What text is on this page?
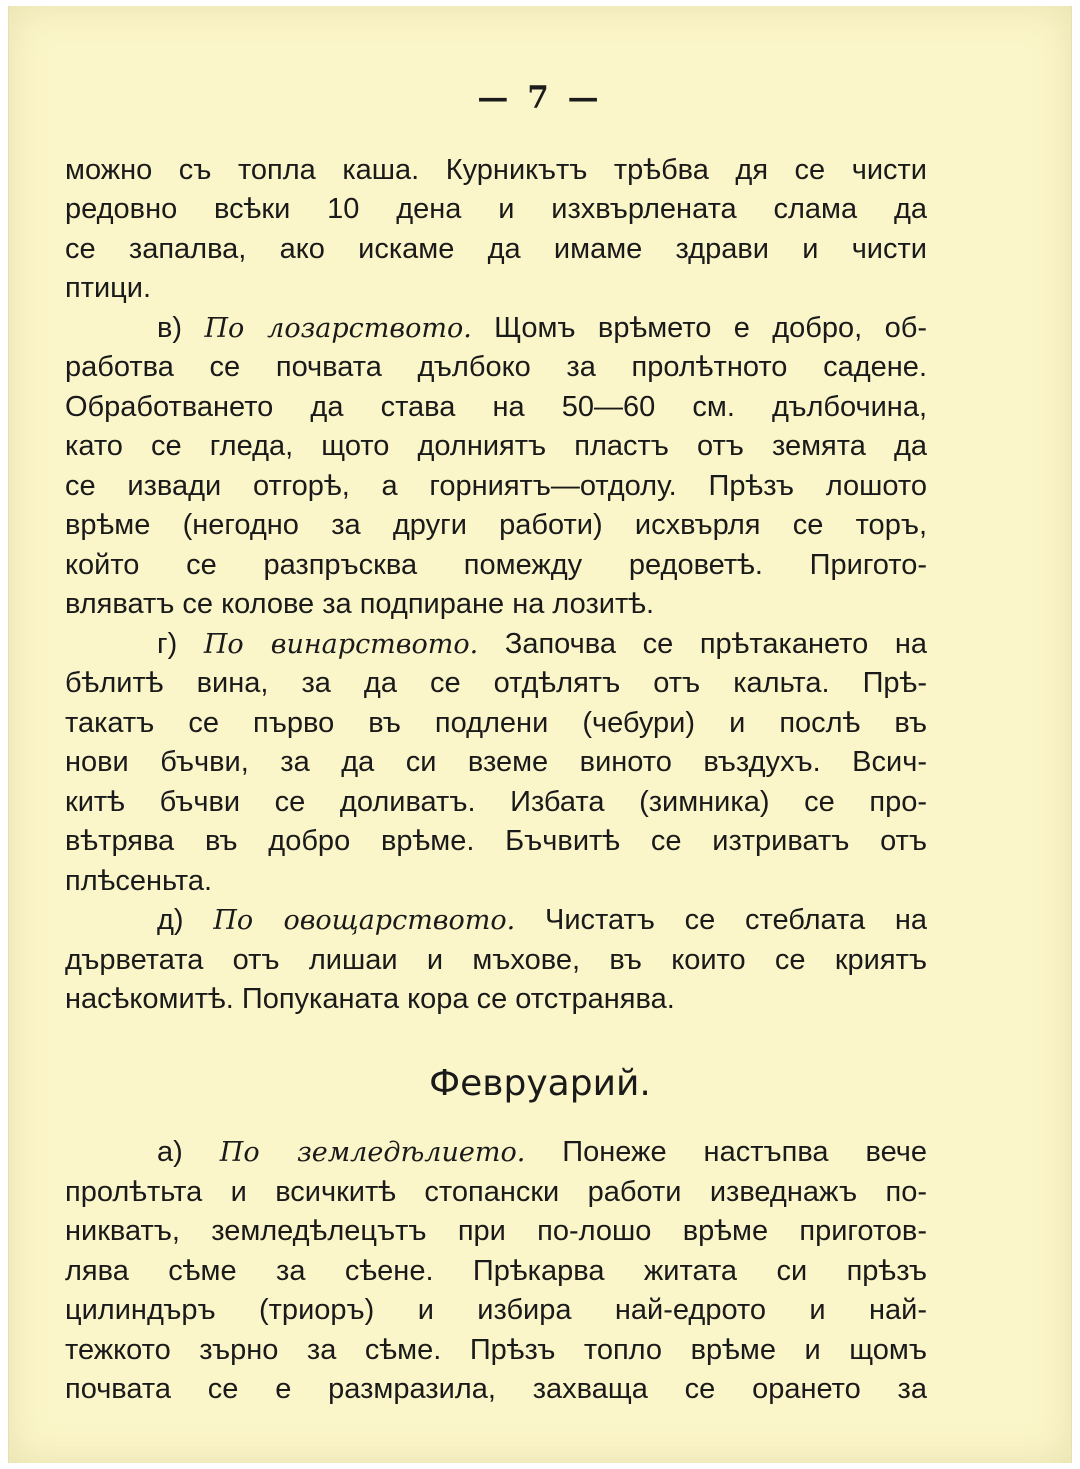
— 7 —
можно съ топла каша. Курникътъ трѣбва дя се чисти
редовно всѣки 10 дена и изхвърлената слама да
се запалва, ако искаме да имаме здрави и чисти
птици.
в) По лозарството. Щомъ врѣмето е добро, об-
работва се почвата дълбоко за пролѣтното садене.
Обработването да става на 50—60 см. дълбочина,
като се гледа, щото долниятъ пластъ отъ земята да
се извади отгорѣ, а горниятъ—отдолу. Прѣзъ лошото
врѣме (негодно за други работи) исхвърля се торъ,
който се разпръсква помежду редоветѣ. Пригото-
вляватъ се колове за подпиране на лозитѣ.
г) По винарството. Започва се прѣтакането на
бѣлитѣ вина, за да се отдѣлятъ отъ кальта. Прѣ-
такатъ се първо въ подлени (чебури) и послѣ въ
нови бъчви, за да си вземе виното въздухъ. Всич-
китѣ бъчви се доливатъ. Избата (зимника) се про-
вѣтрява въ добро врѣме. Бъчвитѣ се изтриватъ отъ
плѣсеньта.
д) По овощарството. Чистатъ се стеблата на
дърветата отъ лишаи и мъхове, въ които се криятъ
насѣкомитѣ. Попуканата кора се отстранява.
Февруарий.
а) По земледѣлието. Понеже настъпва вече
пролѣтьта и всичкитѣ стопански работи изведнажъ по-
никватъ, земледѣлецътъ при по-лошо врѣме приготов-
лява сѣме за сѣене. Прѣкарва житата си прѣзъ
цилиндъръ (триоръ) и избира най-едрото и най-
тежкото зърно за сѣме. Прѣзъ топло врѣме и щомъ
почвата се е размразила, захваща се орането за
